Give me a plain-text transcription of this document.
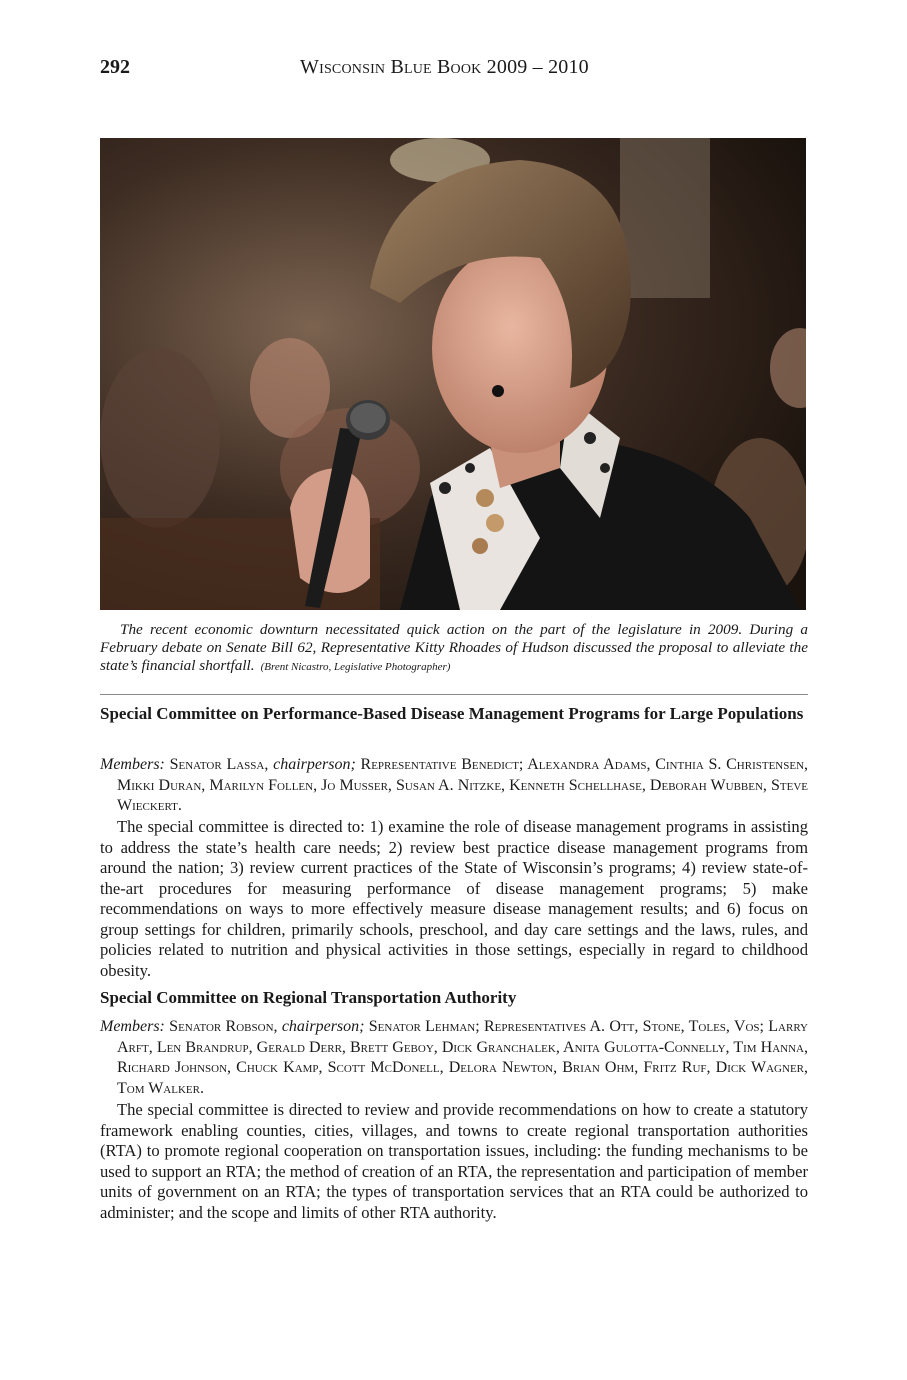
292	Wisconsin Blue Book 2009 – 2010
The recent economic downturn necessitated quick action on the part of the legislature in 2009. During a February debate on Senate Bill 62, Representative Kitty Rhoades of Hudson discussed the proposal to alleviate the state’s financial shortfall. (Brent Nicastro, Legislative Photographer)
Special Committee on Performance-Based Disease Management Programs for Large Populations
Members: Senator Lassa, chairperson; Representative Benedict; Alexandra Adams, Cinthia S. Christensen, Mikki Duran, Marilyn Follen, Jo Musser, Susan A. Nitzke, Kenneth Schellhase, Deborah Wubben, Steve Wieckert.
The special committee is directed to: 1) examine the role of disease management programs in assisting to address the state’s health care needs; 2) review best practice disease management programs from around the nation; 3) review current practices of the State of Wisconsin’s programs; 4) review state-of-the-art procedures for measuring performance of disease management programs; 5) make recommendations on ways to more effectively measure disease management results; and 6) focus on group settings for children, primarily schools, preschool, and day care settings and the laws, rules, and policies related to nutrition and physical activities in those settings, especially in regard to childhood obesity.
Special Committee on Regional Transportation Authority
Members: Senator Robson, chairperson; Senator Lehman; Representatives A. Ott, Stone, Toles, Vos; Larry Arft, Len Brandrup, Gerald Derr, Brett Geboy, Dick Granchalek, Anita Gulotta-Connelly, Tim Hanna, Richard Johnson, Chuck Kamp, Scott McDonell, Delora Newton, Brian Ohm, Fritz Ruf, Dick Wagner, Tom Walker.
The special committee is directed to review and provide recommendations on how to create a statutory framework enabling counties, cities, villages, and towns to create regional transportation authorities (RTA) to promote regional cooperation on transportation issues, including: the funding mechanisms to be used to support an RTA; the method of creation of an RTA, the representation and participation of member units of government on an RTA; the types of transportation services that an RTA could be authorized to administer; and the scope and limits of other RTA authority.
